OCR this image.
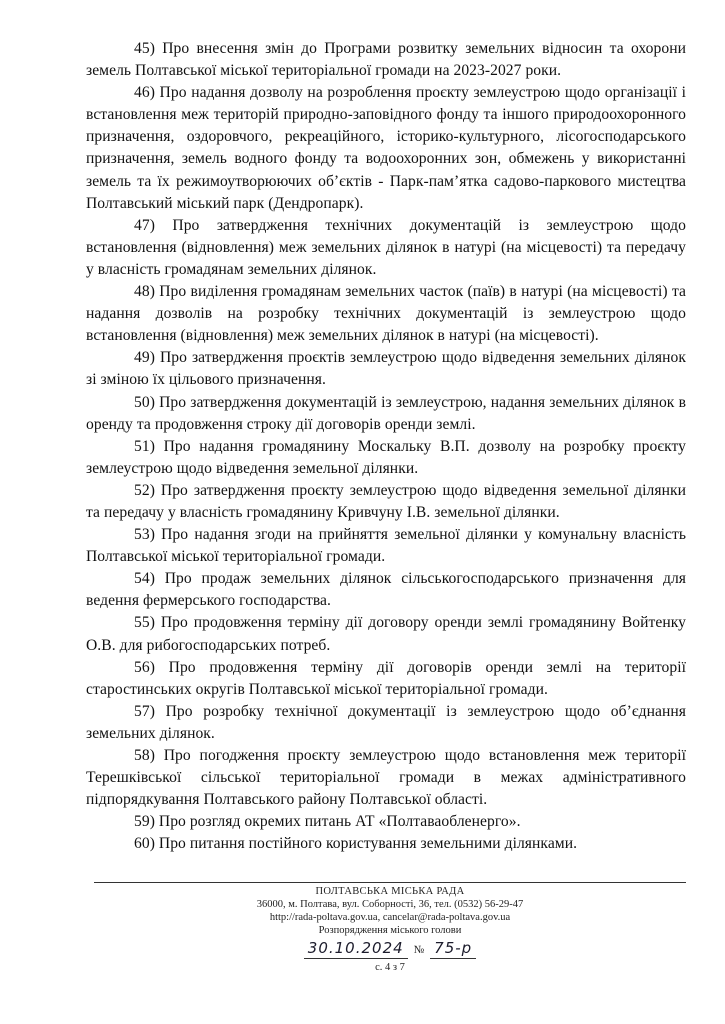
45) Про внесення змін до Програми розвитку земельних відносин та охорони земель Полтавської міської територіальної громади на 2023-2027 роки.

46) Про надання дозволу на розроблення проєкту землеустрою щодо організації і встановлення меж територій природно-заповідного фонду та іншого природоохоронного призначення, оздоровчого, рекреаційного, історико-культурного, лісогосподарського призначення, земель водного фонду та водоохоронних зон, обмежень у використанні земель та їх режимоутворюючих об’єктів - Парк-пам’ятка садово-паркового мистецтва Полтавський міський парк (Дендропарк).

47) Про затвердження технічних документацій із землеустрою щодо встановлення (відновлення) меж земельних ділянок в натурі (на місцевості) та передачу у власність громадянам земельних ділянок.

48) Про виділення громадянам земельних часток (паїв) в натурі (на місцевості) та надання дозволів на розробку технічних документацій із землеустрою щодо встановлення (відновлення) меж земельних ділянок в натурі (на місцевості).

49) Про затвердження проєктів землеустрою щодо відведення земельних ділянок зі зміною їх цільового призначення.

50) Про затвердження документацій із землеустрою, надання земельних ділянок в оренду та продовження строку дії договорів оренди землі.

51) Про надання громадянину Москальку В.П. дозволу на розробку проєкту землеустрою щодо відведення земельної ділянки.

52) Про затвердження проєкту землеустрою щодо відведення земельної ділянки та передачу у власність громадянину Кривчуну І.В. земельної ділянки.

53) Про надання згоди на прийняття земельної ділянки у комунальну власність Полтавської міської територіальної громади.

54) Про продаж земельних ділянок сільськогосподарського призначення для ведення фермерського господарства.

55) Про продовження терміну дії договору оренди землі громадянину Войтенку О.В. для рибогосподарських потреб.

56) Про продовження терміну дії договорів оренди землі на території старостинських округів Полтавської міської територіальної громади.

57) Про розробку технічної документації із землеустрою щодо об’єднання земельних ділянок.

58) Про погодження проєкту землеустрою щодо встановлення меж території Терешківської сільської територіальної громади в межах адміністративного підпорядкування Полтавського району Полтавської області.

59) Про розгляд окремих питань АТ «Полтаваобленерго».

60) Про питання постійного користування земельними ділянками.

ПОЛТАВСЬКА МІСЬКА РАДА
36000, м. Полтава, вул. Соборності, 36, тел. (0532) 56-29-47
http://rada-poltava.gov.ua, cancelar@rada-poltava.gov.ua
Розпорядження міського голови
30.10.2024 № 75-р
с. 4 з 7
